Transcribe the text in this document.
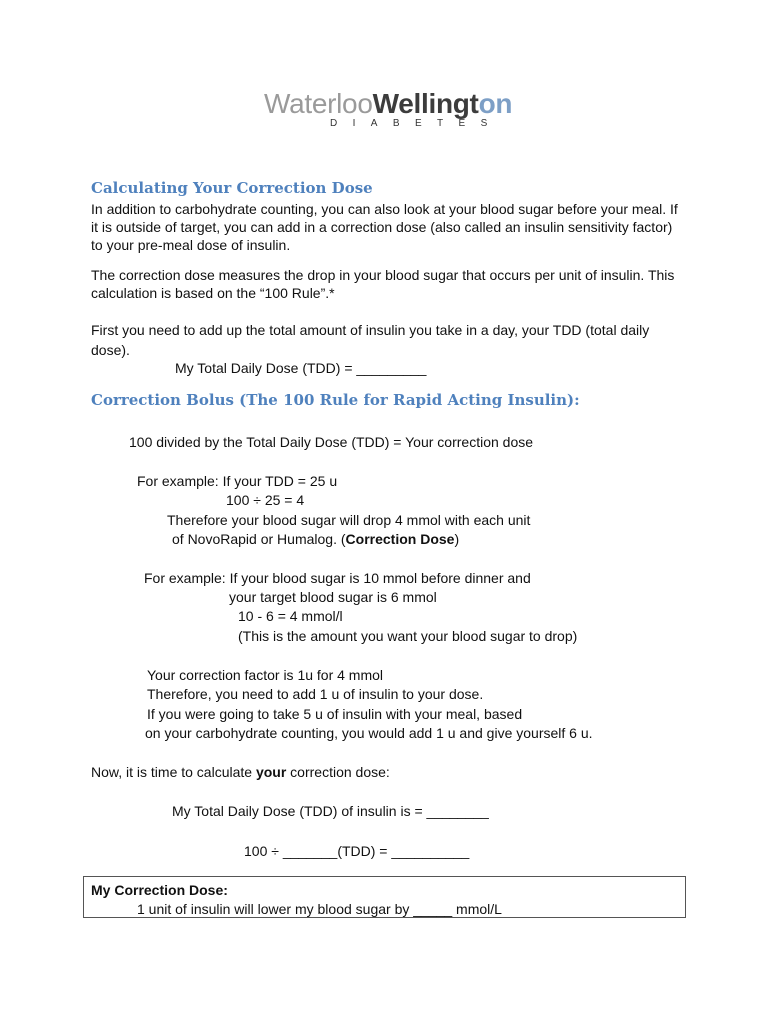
WaterlooWellington
DIABETES
Calculating Your Correction Dose
In addition to carbohydrate counting, you can also look at your blood sugar before your meal. If
it is outside of target, you can add in a correction dose (also called an insulin sensitivity factor)
to your pre-meal dose of insulin.
The correction dose measures the drop in your blood sugar that occurs per unit of insulin. This
calculation is based on the “100 Rule”.*
First you need to add up the total amount of insulin you take in a day, your TDD (total daily
dose).
My Total Daily Dose (TDD) = _________
Correction Bolus (The 100 Rule for Rapid Acting Insulin):
100 divided by the Total Daily Dose (TDD) = Your correction dose
For example: If your TDD = 25 u
100 ÷ 25 = 4
Therefore your blood sugar will drop 4 mmol with each unit
of NovoRapid or Humalog. (Correction Dose)
For example: If your blood sugar is 10 mmol before dinner and
your target blood sugar is 6 mmol
10 - 6 = 4 mmol/l
(This is the amount you want your blood sugar to drop)
Your correction factor is 1u for 4 mmol
Therefore, you need to add 1 u of insulin to your dose.
If you were going to take 5 u of insulin with your meal, based
on your carbohydrate counting, you would add 1 u and give yourself 6 u.
Now, it is time to calculate your correction dose:
My Total Daily Dose (TDD) of insulin is = ________
100 ÷ _______(TDD) = __________
My Correction Dose:
1 unit of insulin will lower my blood sugar by _____ mmol/L
